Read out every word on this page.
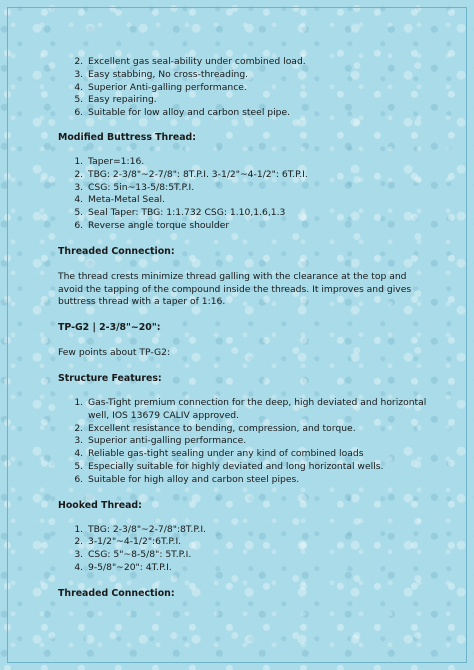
2. Excellent gas seal-ability under combined load.
3. Easy stabbing, No cross-threading.
4. Superior Anti-galling performance.
5. Easy repairing.
6. Suitable for low alloy and carbon steel pipe.
Modified Buttress Thread:
1. Taper=1:16.
2. TBG: 2-3/8"~2-7/8": 8T.P.I. 3-1/2"~4-1/2": 6T.P.I.
3. CSG: 5in~13-5/8:5T.P.I.
4. Meta-Metal Seal.
5. Seal Taper: TBG: 1:1.732 CSG: 1.10,1.6,1.3
6. Reverse angle torque shoulder
Threaded Connection:

The thread crests minimize thread galling with the clearance at the top and avoid the tapping of the compound inside the threads. It improves and gives buttress thread with a taper of 1:16.

TP-G2 | 2-3/8"~20":

Few points about TP-G2:

Structure Features:
1. Gas-Tight premium connection for the deep, high deviated and horizontal well, IOS 13679 CALIV approved.
2. Excellent resistance to bending, compression, and torque.
3. Superior anti-galling performance.
4. Reliable gas-tight sealing under any kind of combined loads
5. Especially suitable for highly deviated and long horizontal wells.
6. Suitable for high alloy and carbon steel pipes.
Hooked Thread:
1. TBG: 2-3/8"~2-7/8":8T.P.I.
2. 3-1/2"~4-1/2":6T.P.I.
3. CSG: 5"~8-5/8": 5T.P.I.
4. 9-5/8"~20": 4T.P.I.
Threaded Connection:
